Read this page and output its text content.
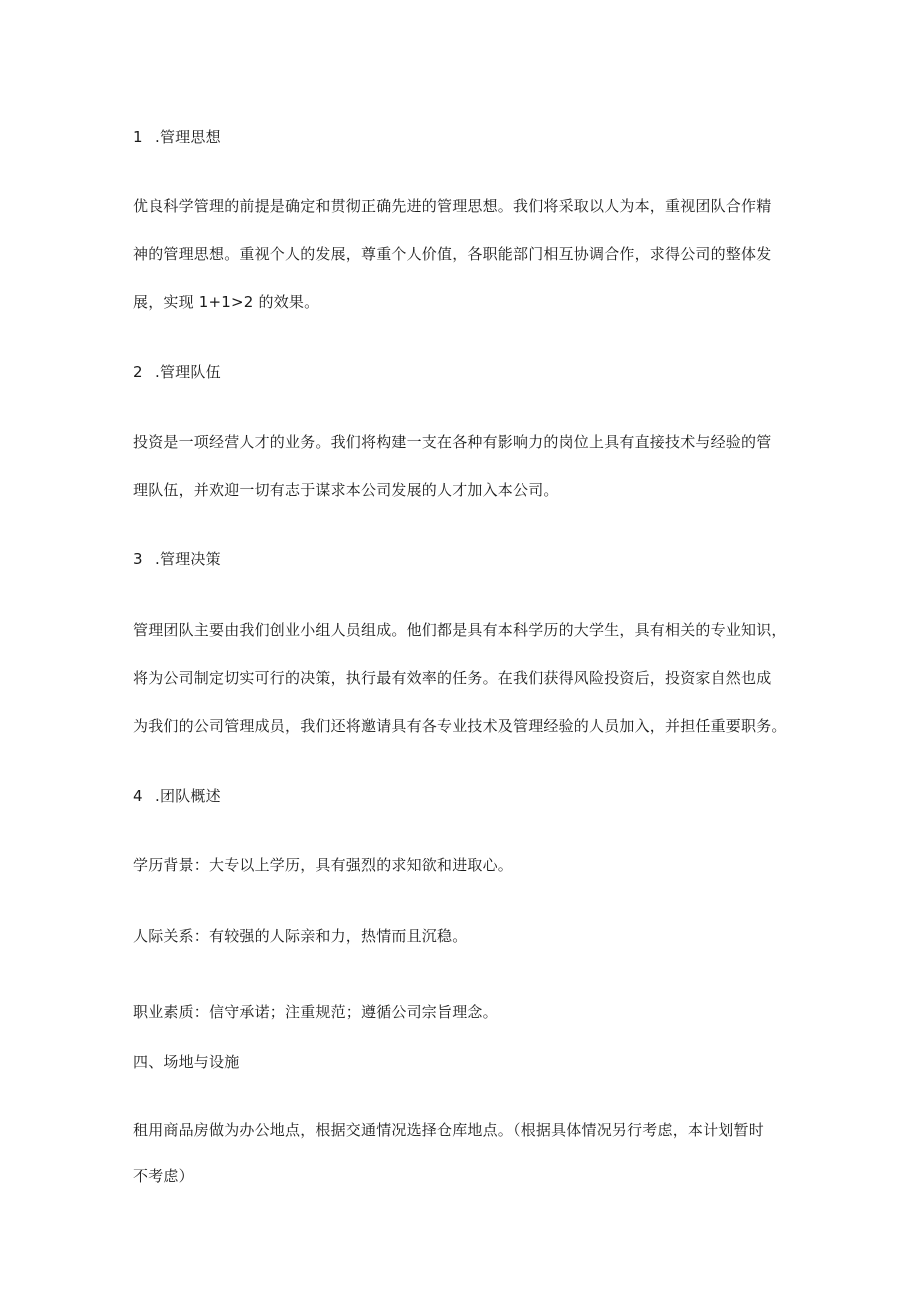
1 .管理思想
优良科学管理的前提是确定和贯彻正确先进的管理思想。我们将采取以人为本，重视团队合作精
神的管理思想。重视个人的发展，尊重个人价值，各职能部门相互协调合作，求得公司的整体发
展，实现 1+1>2 的效果。
2 .管理队伍
投资是一项经营人才的业务。我们将构建一支在各种有影响力的岗位上具有直接技术与经验的管
理队伍，并欢迎一切有志于谋求本公司发展的人才加入本公司。
3 .管理决策
管理团队主要由我们创业小组人员组成。他们都是具有本科学历的大学生，具有相关的专业知识，
将为公司制定切实可行的决策，执行最有效率的任务。在我们获得风险投资后，投资家自然也成
为我们的公司管理成员，我们还将邀请具有各专业技术及管理经验的人员加入，并担任重要职务。
4 .团队概述
学历背景：大专以上学历，具有强烈的求知欲和进取心。
人际关系：有较强的人际亲和力，热情而且沉稳。
职业素质：信守承诺；注重规范；遵循公司宗旨理念。
四、场地与设施
租用商品房做为办公地点，根据交通情况选择仓库地点。（根据具体情况另行考虑，本计划暂时
不考虑）
